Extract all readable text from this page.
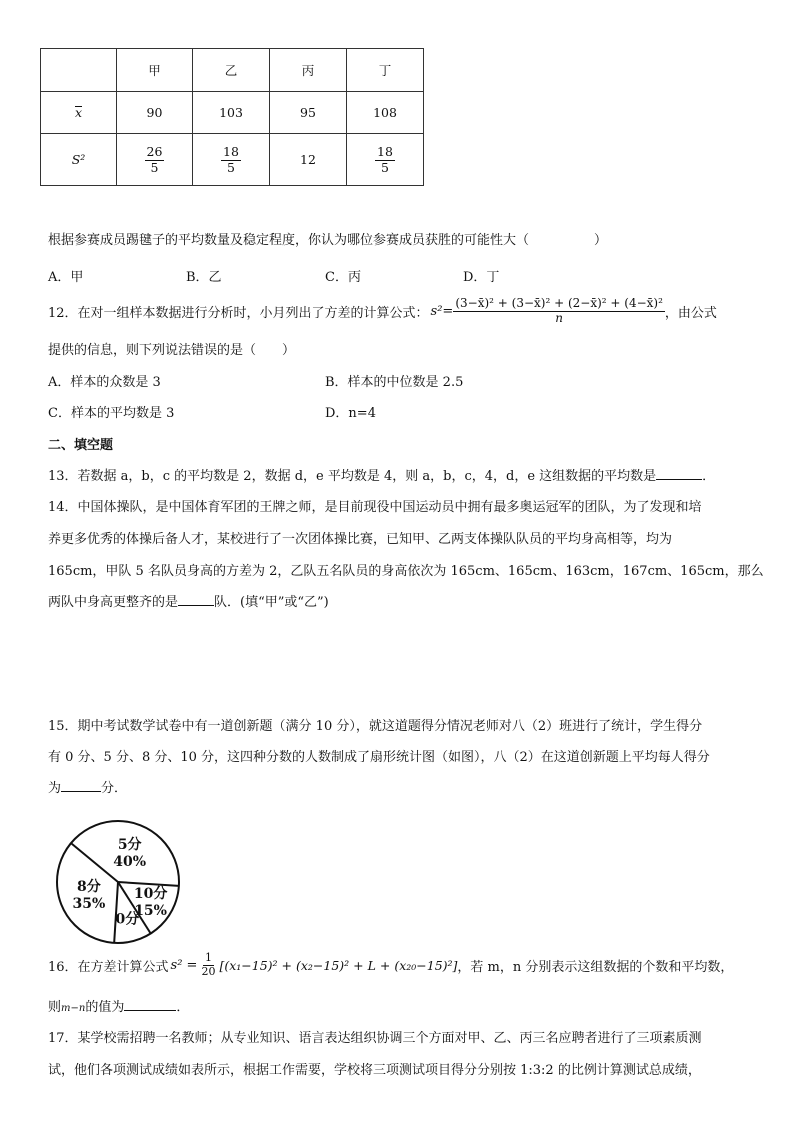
	甲	乙	丙	丁
x	90	103	95	108
S²	$\frac{26}{5}$	$\frac{18}{5}$	12	$\frac{18}{5}$
根据参赛成员踢毽子的平均数量及稳定程度，你认为哪位参赛成员获胜的可能性大（　　　　　）
A．甲	B．乙	C．丙	D．丁
12．在对一组样本数据进行分析时，小月列出了方差的计算公式： $s^2= \frac{\text{(3−x̄)² + (3−x̄)² + (2−x̄)² + (4−x̄)²}}{n}$ ，由公式
提供的信息，则下列说法错误的是（　　）
A．样本的众数是 3	B．样本的中位数是 2.5
C．样本的平均数是 3	D．n=4
二、填空题
13．若数据 a，b，c 的平均数是 2，数据 d，e 平均数是 4，则 a，b，c，4，d，e 这组数据的平均数是	．
14．中国体操队，是中国体育军团的王牌之师，是目前现役中国运动员中拥有最多奥运冠军的团队，为了发现和培
养更多优秀的体操后备人才，某校进行了一次团体操比赛，已知甲、乙两支体操队队员的平均身高相等，均为
165cm，甲队 5 名队员身高的方差为 2，乙队五名队员的身高依次为 165cm、165cm、163cm，167cm、165cm，那么
两队中身高更整齐的是	队．(填“甲”或“乙”)
15．期中考试数学试卷中有一道创新题（满分 10 分），就这道题得分情况老师对八（2）班进行了统计，学生得分
有 0 分、5 分、8 分、10 分，这四种分数的人数制成了扇形统计图（如图），八（2）在这道创新题上平均每人得分
为	分．
5分
40%
10分
15%
0分
8分
35%
16．在方差计算公式 $s^2 = \frac{1}{20} [(x_1-15)^2 + (x_2-15)^2 + L + (x_{20}-15)^2]$ ，若 m，n 分别表示这组数据的个数和平均数，
则m−n的值为	．
17．某学校需招聘一名教师；从专业知识、语言表达组织协调三个方面对甲、乙、丙三名应聘者进行了三项素质测
试，他们各项测试成绩如表所示，根据工作需要，学校将三项测试项目得分分别按 1:3:2 的比例计算测试总成绩，
